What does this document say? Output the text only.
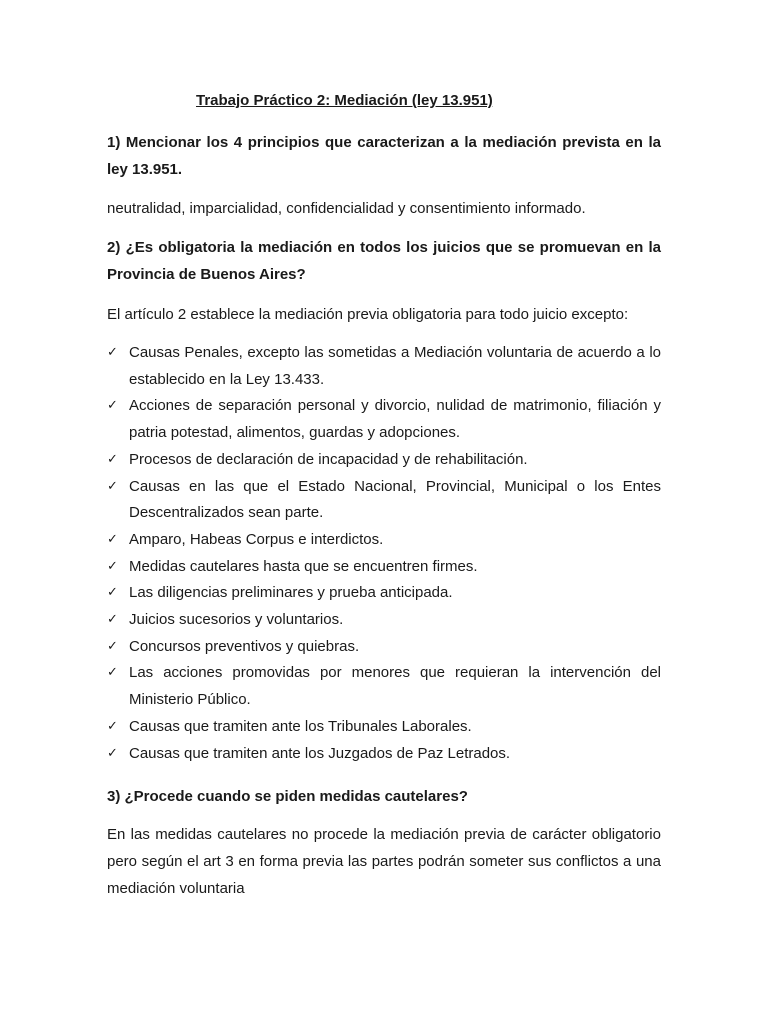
Trabajo Práctico 2: Mediación (ley 13.951)
1) Mencionar los 4 principios que caracterizan a la mediación prevista en la ley 13.951.
neutralidad, imparcialidad, confidencialidad y consentimiento informado.
2) ¿Es obligatoria la mediación en todos los juicios que se promuevan en la Provincia de Buenos Aires?
El artículo 2 establece la mediación previa obligatoria para todo juicio excepto:
✓ Causas Penales, excepto las sometidas a Mediación voluntaria de acuerdo a lo establecido en la Ley 13.433.
✓ Acciones de separación personal y divorcio, nulidad de matrimonio, filiación y patria potestad, alimentos, guardas y adopciones.
✓ Procesos de declaración de incapacidad y de rehabilitación.
✓ Causas en las que el Estado Nacional, Provincial, Municipal o los Entes Descentralizados sean parte.
✓ Amparo, Habeas Corpus e interdictos.
✓ Medidas cautelares hasta que se encuentren firmes.
✓ Las diligencias preliminares y prueba anticipada.
✓ Juicios sucesorios y voluntarios.
✓ Concursos preventivos y quiebras.
✓ Las acciones promovidas por menores que requieran la intervención del Ministerio Público.
✓ Causas que tramiten ante los Tribunales Laborales.
✓ Causas que tramiten ante los Juzgados de Paz Letrados.
3) ¿Procede cuando se piden medidas cautelares?
En las medidas cautelares no procede la mediación previa de carácter obligatorio pero según el art 3 en forma previa las partes podrán someter sus conflictos a una mediación voluntaria
